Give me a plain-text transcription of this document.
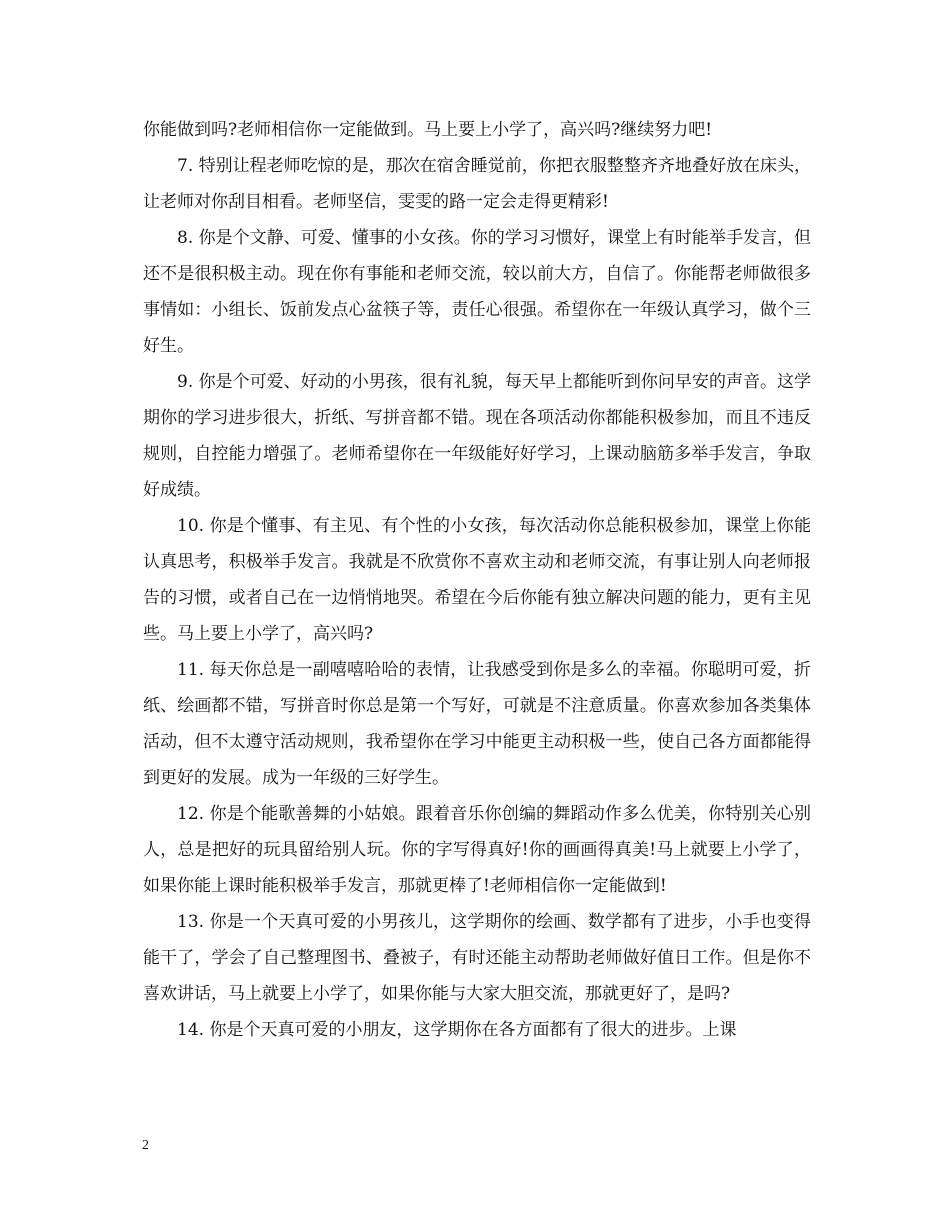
你能做到吗?老师相信你一定能做到。马上要上小学了，高兴吗?继续努力吧!

7. 特别让程老师吃惊的是，那次在宿舍睡觉前，你把衣服整整齐齐地叠好放在床头，让老师对你刮目相看。老师坚信，雯雯的路一定会走得更精彩!

8. 你是个文静、可爱、懂事的小女孩。你的学习习惯好，课堂上有时能举手发言，但还不是很积极主动。现在你有事能和老师交流，较以前大方，自信了。你能帮老师做很多事情如：小组长、饭前发点心盆筷子等，责任心很强。希望你在一年级认真学习，做个三好生。

9. 你是个可爱、好动的小男孩，很有礼貌，每天早上都能听到你问早安的声音。这学期你的学习进步很大，折纸、写拼音都不错。现在各项活动你都能积极参加，而且不违反规则，自控能力增强了。老师希望你在一年级能好好学习，上课动脑筋多举手发言，争取好成绩。

10. 你是个懂事、有主见、有个性的小女孩，每次活动你总能积极参加，课堂上你能认真思考，积极举手发言。我就是不欣赏你不喜欢主动和老师交流，有事让别人向老师报告的习惯，或者自己在一边悄悄地哭。希望在今后你能有独立解决问题的能力，更有主见些。马上要上小学了，高兴吗?

11. 每天你总是一副嘻嘻哈哈的表情，让我感受到你是多么的幸福。你聪明可爱，折纸、绘画都不错，写拼音时你总是第一个写好，可就是不注意质量。你喜欢参加各类集体活动，但不太遵守活动规则，我希望你在学习中能更主动积极一些，使自己各方面都能得到更好的发展。成为一年级的三好学生。

12. 你是个能歌善舞的小姑娘。跟着音乐你创编的舞蹈动作多么优美，你特别关心别人，总是把好的玩具留给别人玩。你的字写得真好!你的画画得真美!马上就要上小学了，如果你能上课时能积极举手发言，那就更棒了!老师相信你一定能做到!

13. 你是一个天真可爱的小男孩儿，这学期你的绘画、数学都有了进步，小手也变得能干了，学会了自己整理图书、叠被子，有时还能主动帮助老师做好值日工作。但是你不喜欢讲话，马上就要上小学了，如果你能与大家大胆交流，那就更好了，是吗?

14. 你是个天真可爱的小朋友，这学期你在各方面都有了很大的进步。上课

2
